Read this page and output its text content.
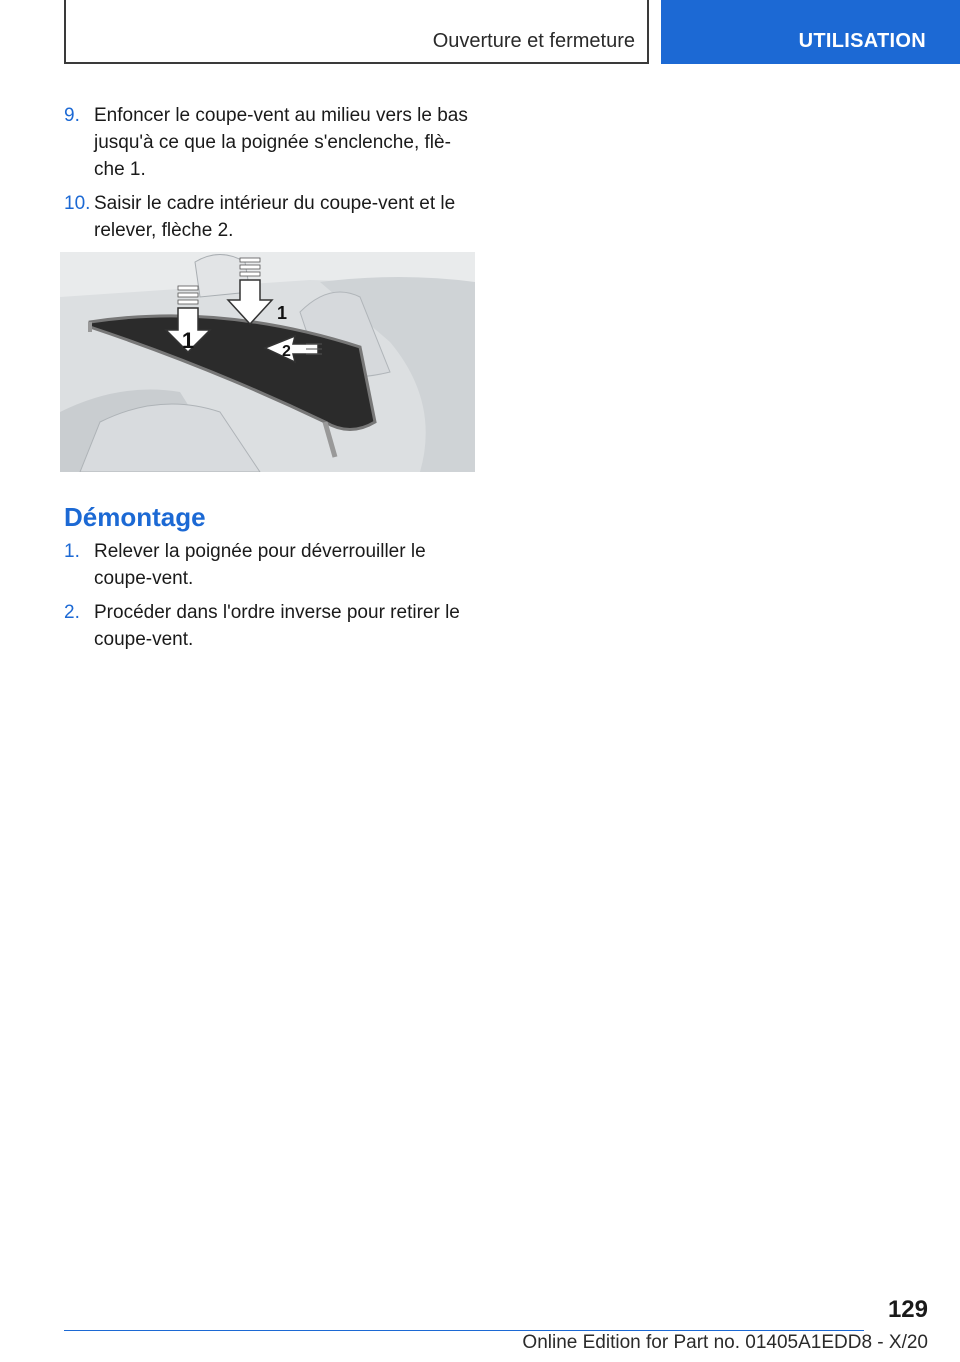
Ouverture et fermeture	UTILISATION
9. Enfoncer le coupe-vent au milieu vers le bas jusqu'à ce que la poignée s'enclenche, flè-che 1.
10. Saisir le cadre intérieur du coupe-vent et le relever, flèche 2.
1
1
2
Démontage
1. Relever la poignée pour déverrouiller le coupe-vent.
2. Procéder dans l'ordre inverse pour retirer le coupe-vent.
129
Online Edition for Part no. 01405A1EDD8 - X/20
